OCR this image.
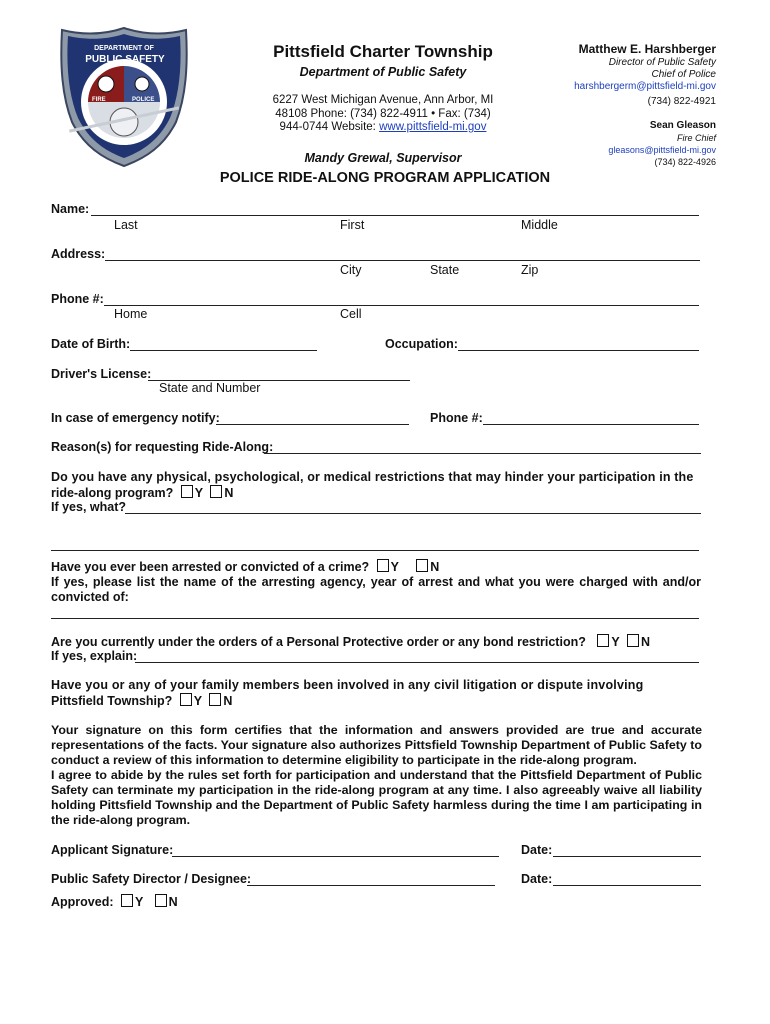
DEPARTMENT OF
PUBLIC SAFETY
FIRE	POLICE
Pittsfield Charter Township
Department of Public Safety
6227 West Michigan Avenue, Ann Arbor, MI
48108 Phone: (734) 822-4911 • Fax: (734)
944-0744 Website: www.pittsfield-mi.gov
Mandy Grewal, Supervisor
POLICE RIDE-ALONG PROGRAM APPLICATION
Matthew E. Harshberger
Director of Public Safety
Chief of Police
harshbergerm@pittsfield-mi.gov
(734) 822-4921
Sean Gleason
Fire Chief
gleasons@pittsfield-mi.gov
(734) 822-4926
Name:
Last	First	Middle
Address:
City	State	Zip
Phone #:
Home	Cell
Date of Birth:	Occupation:
Driver's License:
State and Number
In case of emergency notify:	Phone #:
Reason(s) for requesting Ride-Along:
Do you have any physical, psychological, or medical restrictions that may hinder your participation in the
ride-along program? Y N
If yes, what?
Have you ever been arrested or convicted of a crime? Y	N
If yes, please list the name of the arresting agency, year of arrest and what you were charged with and/or
convicted of:
Are you currently under the orders of a Personal Protective order or any bond restriction? Y N
If yes, explain:
Have you or any of your family members been involved in any civil litigation or dispute involving
Pittsfield Township? Y N

Your signature on this form certifies that the information and answers provided are true and accurate representations of the facts. Your signature also authorizes Pittsfield Township Department of Public Safety to conduct a review of this information to determine eligibility to participate in the ride-along program.

I agree to abide by the rules set forth for participation and understand that the Pittsfield Department of Public Safety can terminate my participation in the ride-along program at any time. I also agreeably waive all liability holding Pittsfield Township and the Department of Public Safety harmless during the time I am participating in the ride-along program.

Applicant Signature:	Date:
Public Safety Director / Designee:	Date:
Approved: Y N
